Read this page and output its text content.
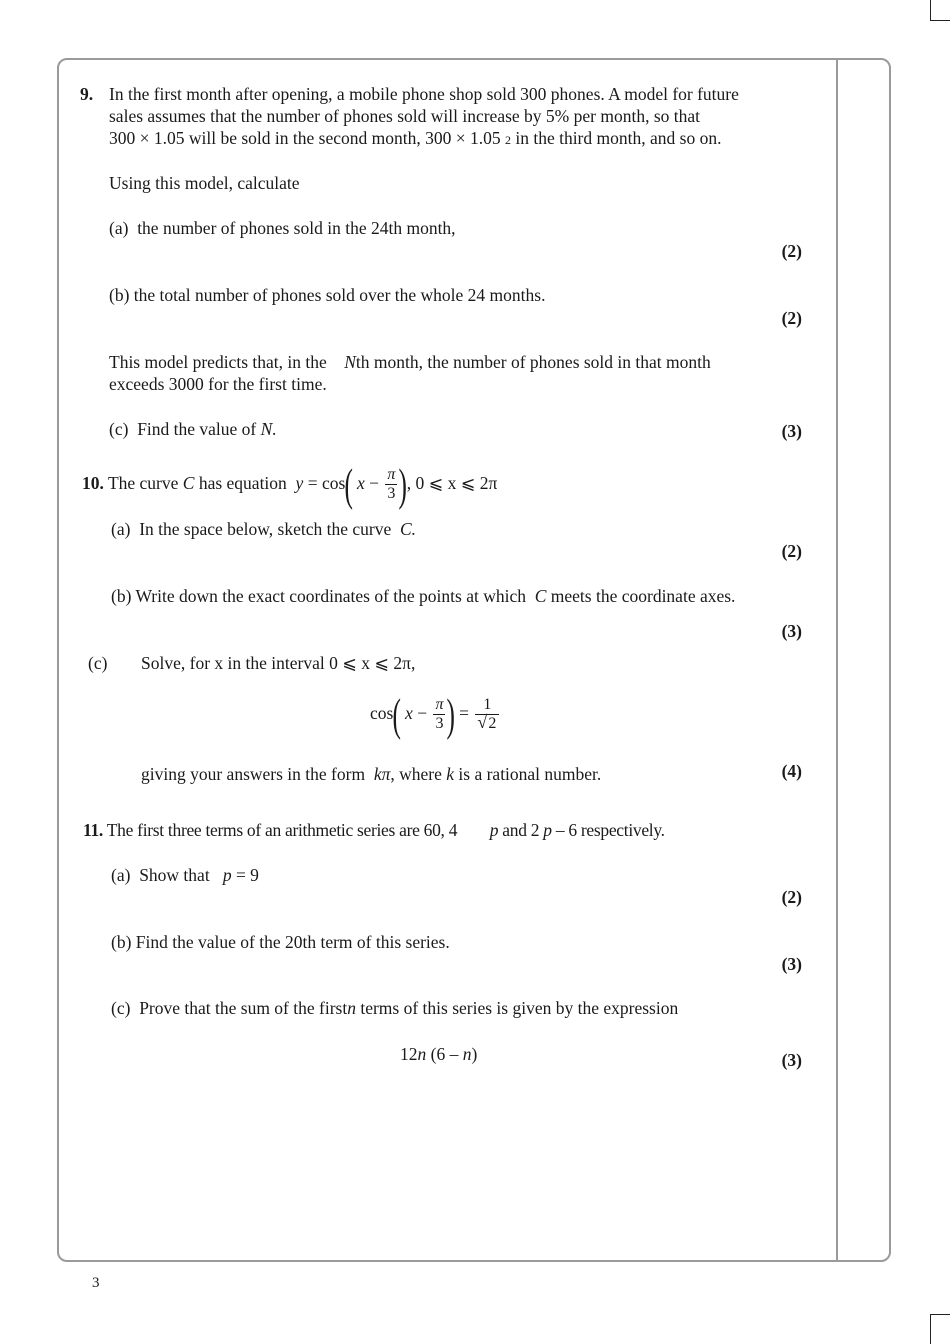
9. In the first month after opening, a mobile phone shop sold 300 phones. A model for future
sales assumes that the number of phones sold will increase by 5% per month, so that
300 × 1.05 will be sold in the second month, 300 × 1.05 2 in the third month, and so on.
Using this model, calculate
(a) the number of phones sold in the 24th month,
(2)
(b) the total number of phones sold over the whole 24 months.
(2)
This model predicts that, in the Nth month, the number of phones sold in that month
exceeds 3000 for the first time.
(c) Find the value of N.	(3)
10. The curve C has equation y = cos( $x - \frac{\pi}{3}$ ), 0 ⩽ x ⩽ 2π
(a) In the space below, sketch the curve C.
(2)
(b) Write down the exact coordinates of the points at which C meets the coordinate axes.
(3)
(c) Solve, for x in the interval 0 ⩽ x ⩽ 2π,
cos( $x - \frac{\pi}{3}$ ) = $\frac{1}{√ 2}$
giving your answers in the form kπ, where k is a rational number.	(4)
11. The first three terms of an arithmetic series are 60, 4 p and 2 p – 6 respectively.
(a) Show that p = 9
(2)
(b) Find the value of the 20th term of this series.
(3)
(c) Prove that the sum of the firstn terms of this series is given by the expression
12n (6 – n)	(3)
3
